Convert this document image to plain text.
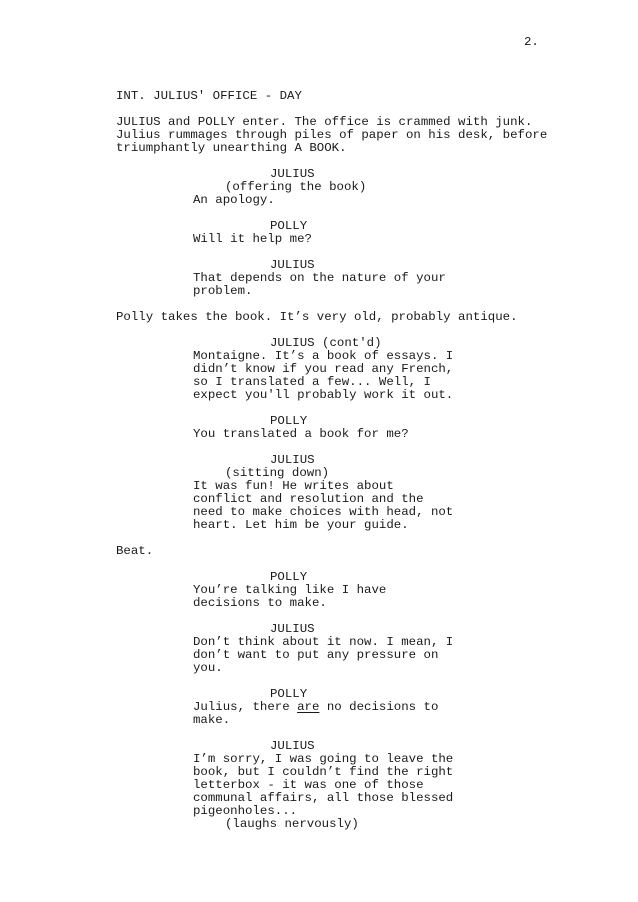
2.
INT. JULIUS' OFFICE - DAY
JULIUS and POLLY enter. The office is crammed with junk.
Julius rummages through piles of paper on his desk, before
triumphantly unearthing A BOOK.
JULIUS
(offering the book)
An apology.
POLLY
Will it help me?
JULIUS
That depends on the nature of your
problem.
Polly takes the book. It’s very old, probably antique.
JULIUS (cont'd)
Montaigne. It’s a book of essays. I
didn’t know if you read any French,
so I translated a few... Well, I
expect you'll probably work it out.
POLLY
You translated a book for me?
JULIUS
(sitting down)
It was fun! He writes about
conflict and resolution and the
need to make choices with head, not
heart. Let him be your guide.
Beat.
POLLY
You’re talking like I have
decisions to make.
JULIUS
Don’t think about it now. I mean, I
don’t want to put any pressure on
you.
POLLY
Julius, there are no decisions to
make.
JULIUS
I’m sorry, I was going to leave the
book, but I couldn’t find the right
letterbox - it was one of those
communal affairs, all those blessed
pigeonholes...
(laughs nervously)
